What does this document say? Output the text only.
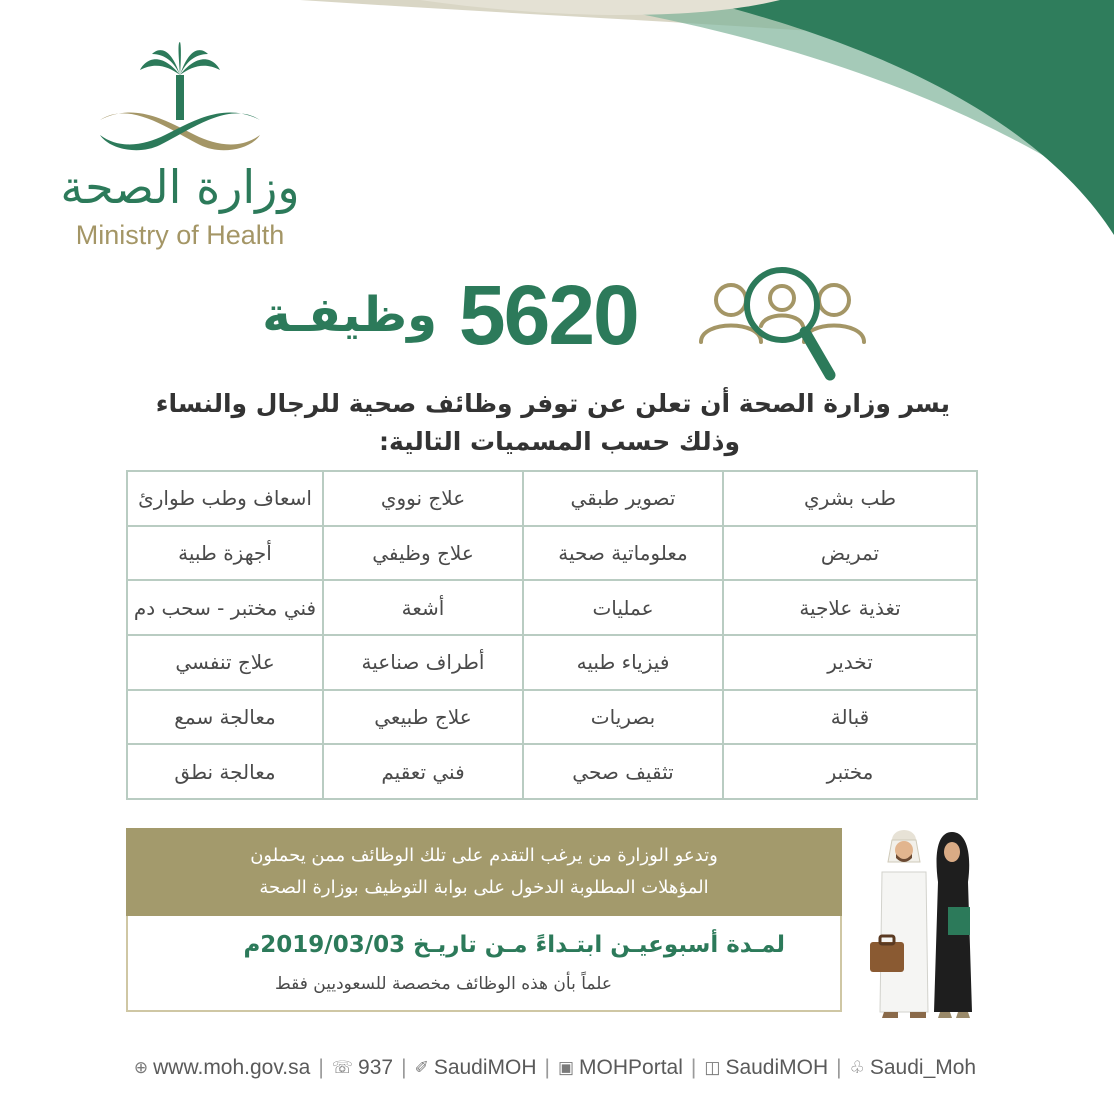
وزارة الصحة
Ministry of Health
وظيفـة 5620
يسر وزارة الصحة أن تعلن عن توفر وظائف صحية للرجال والنساء
وذلك حسب المسميات التالية:
طب بشري	تصوير طبقي	علاج نووي	اسعاف وطب طوارئ
تمريض	معلوماتية صحية	علاج وظيفي	أجهزة طبية
تغذية علاجية	عمليات	أشعة	فني مختبر - سحب دم
تخدير	فيزياء طبيه	أطراف صناعية	علاج تنفسي
قبالة	بصريات	علاج طبيعي	معالجة سمع
مختبر	تثقيف صحي	فني تعقيم	معالجة نطق
وتدعو الوزارة من يرغب التقدم على تلك الوظائف ممن يحملون
المؤهلات المطلوبة الدخول على بوابة التوظيف بوزارة الصحة
لمـدة أسبوعيـن ابتـداءً مـن تاريـخ 2019/03/03م
علماً بأن هذه الوظائف مخصصة للسعوديين فقط
⊕ www.moh.gov.sa | ☏ 937 | ✐ SaudiMOH | ▣ MOHPortal | ◫ SaudiMOH | ♧ Saudi_Moh
